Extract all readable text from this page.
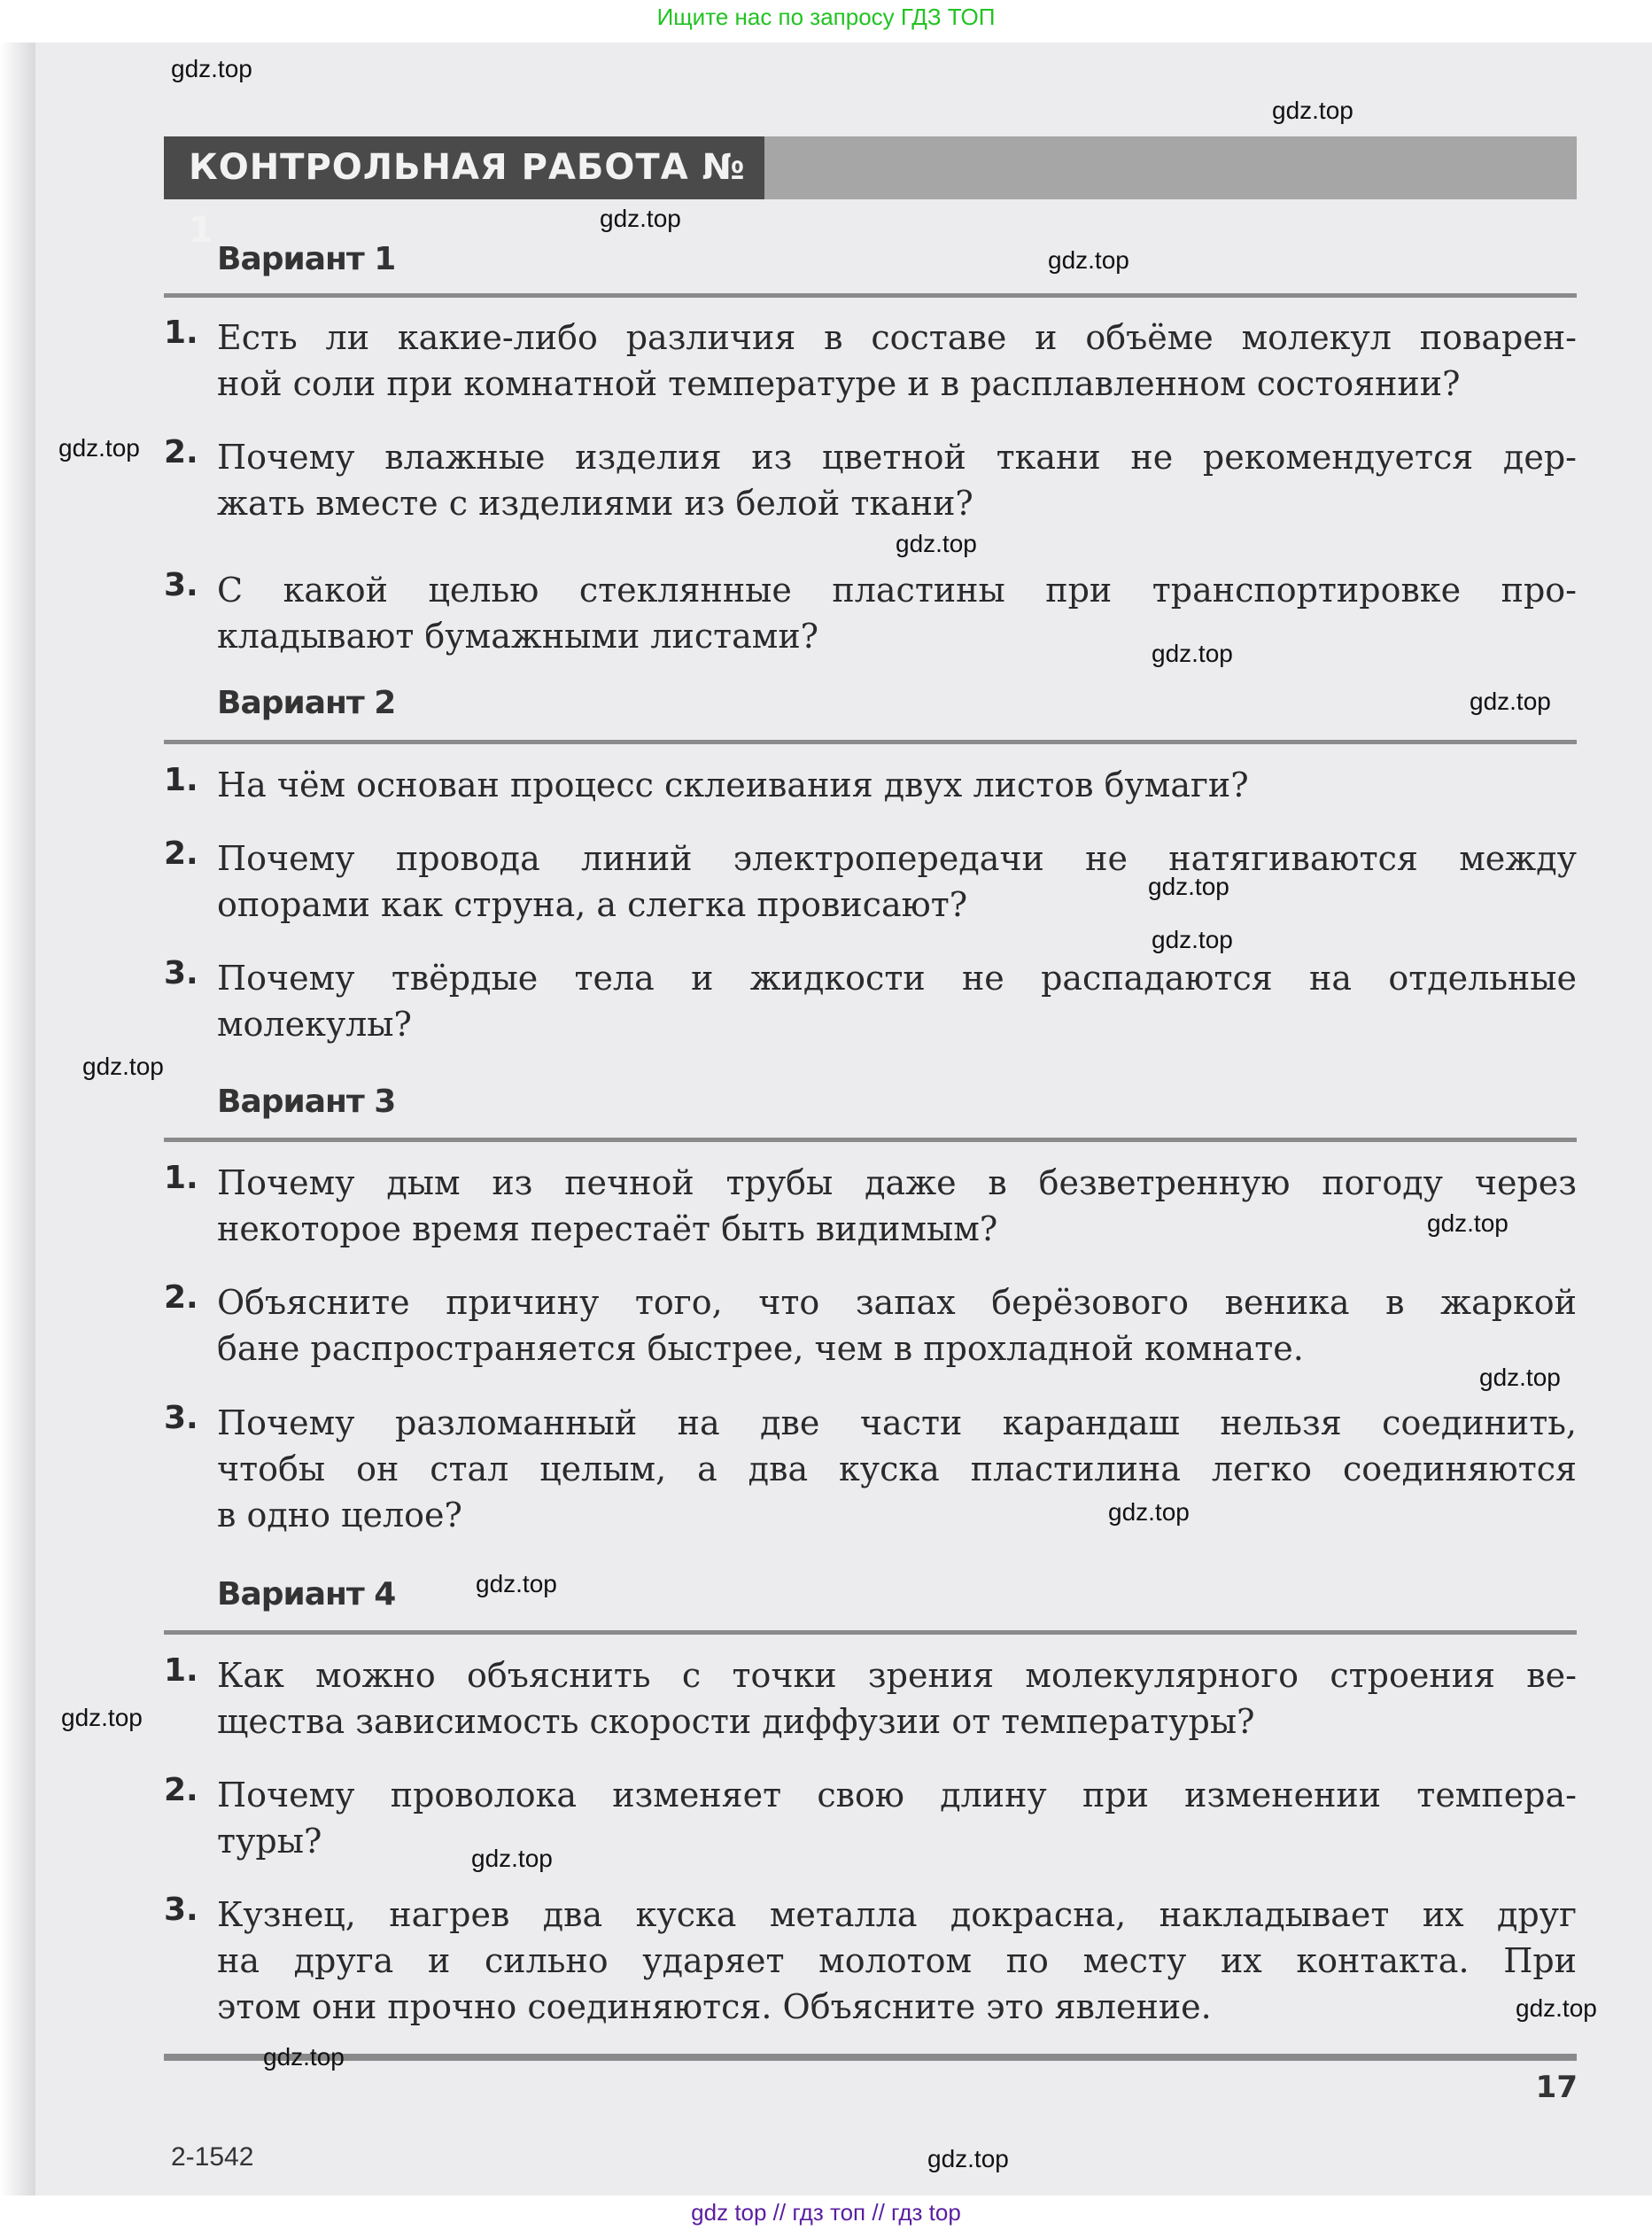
Ищите нас по запросу ГДЗ ТОП
КОНТРОЛЬНАЯ РАБОТА № 1
Вариант 1
1. Есть ли какие-либо различия в составе и объёме молекул поварен-
ной соли при комнатной температуре и в расплавленном состоянии?
2. Почему влажные изделия из цветной ткани не рекомендуется дер-
жать вместе с изделиями из белой ткани?
3. С какой целью стеклянные пластины при транспортировке про-
кладывают бумажными листами?
Вариант 2
1. На чём основан процесс склеивания двух листов бумаги?
2. Почему провода линий электропередачи не натягиваются между
опорами как струна, а слегка провисают?
3. Почему твёрдые тела и жидкости не распадаются на отдельные
молекулы?
Вариант 3
1. Почему дым из печной трубы даже в безветренную погоду через
некоторое время перестаёт быть видимым?
2. Объясните причину того, что запах берёзового веника в жаркой
бане распространяется быстрее, чем в прохладной комнате.
3. Почему разломанный на две части карандаш нельзя соединить,
чтобы он стал целым, а два куска пластилина легко соединяются
в одно целое?
Вариант 4
1. Как можно объяснить с точки зрения молекулярного строения ве-
щества зависимость скорости диффузии от температуры?
2. Почему проволока изменяет свою длину при изменении темпера-
туры?
3. Кузнец, нагрев два куска металла докрасна, накладывает их друг
на друга и сильно ударяет молотом по месту их контакта. При
этом они прочно соединяются. Объясните это явление.
17
2-1542
gdz top // гдз топ // гдз top
gdz.top
gdz.top
gdz.top
gdz.top
gdz.top
gdz.top
gdz.top
gdz.top
gdz.top
gdz.top
gdz.top
gdz.top
gdz.top
gdz.top
gdz.top
gdz.top
gdz.top
gdz.top
gdz.top
gdz.top
